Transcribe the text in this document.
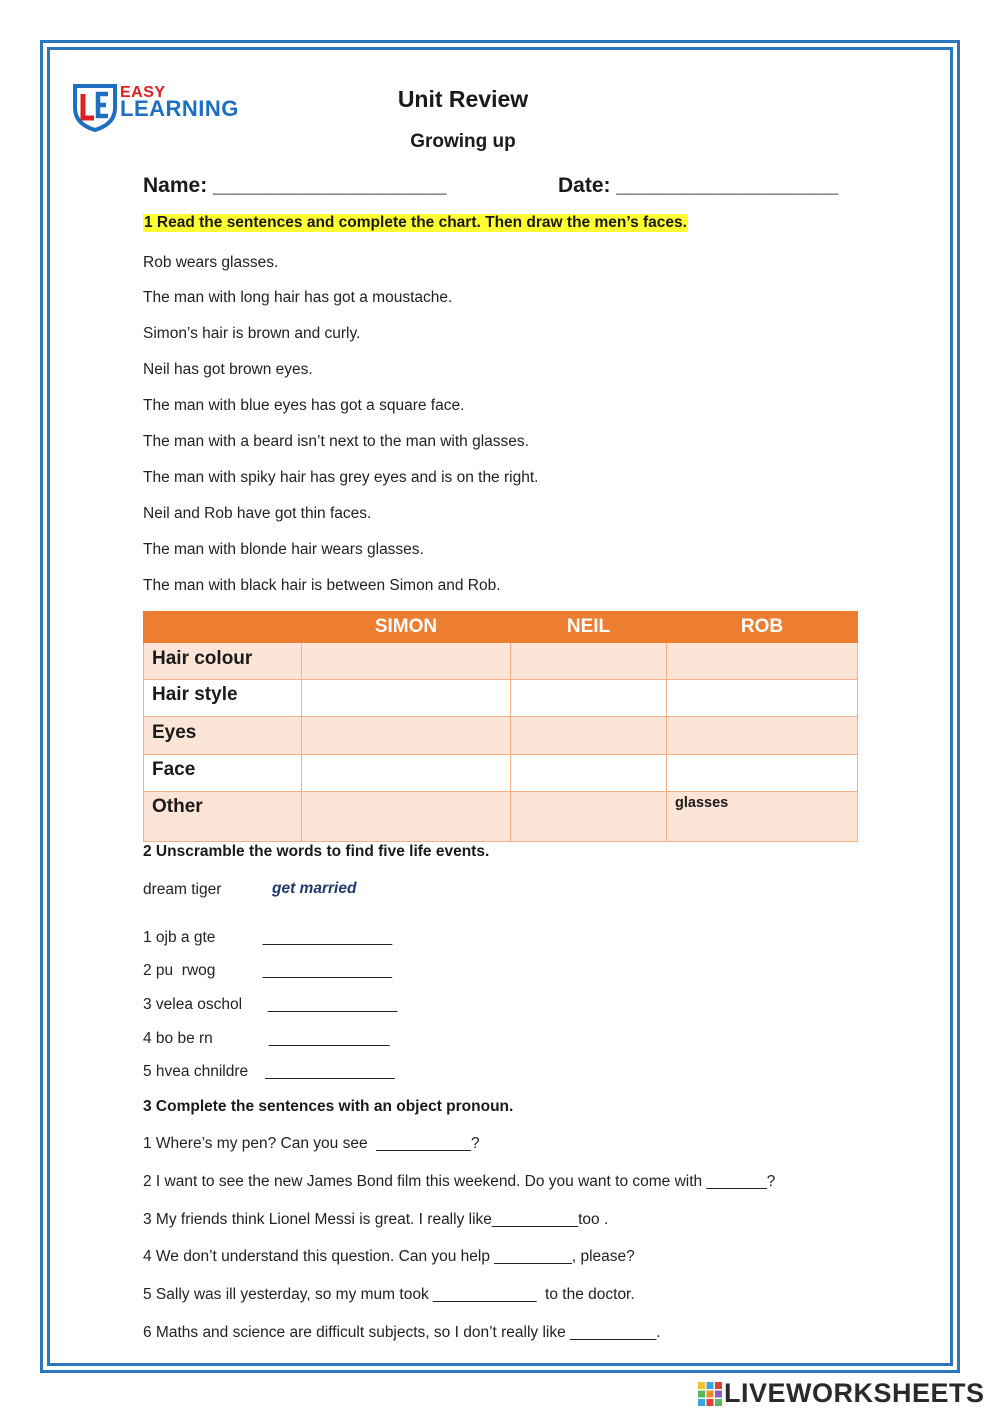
EASY
LEARNING	Unit Review
Growing up
Name: ____________________	Date: ___________________
1 Read the sentences and complete the chart. Then draw the men’s faces.
Rob wears glasses.
The man with long hair has got a moustache.
Simon’s hair is brown and curly.
Neil has got brown eyes.
The man with blue eyes has got a square face.
The man with a beard isn’t next to the man with glasses.
The man with spiky hair has grey eyes and is on the right.
Neil and Rob have got thin faces.
The man with blonde hair wears glasses.
The man with black hair is between Simon and Rob.
	SIMON	NEIL	ROB
Hair colour			
Hair style			
Eyes			
Face			
Other			glasses
2 Unscramble the words to find five life events.
dream tiger	get married
1 ojb a gte           _______________
2 pu  rwog           _______________
3 velea oschol      _______________
4 bo be rn             ______________
5 hvea chnildre    _______________
3 Complete the sentences with an object pronoun.
1 Where’s my pen? Can you see  ___________?
2 I want to see the new James Bond film this weekend. Do you want to come with _______?
3 My friends think Lionel Messi is great. I really like__________too .
4 We don’t understand this question. Can you help _________, please?
5 Sally was ill yesterday, so my mum took ____________  to the doctor.
6 Maths and science are difficult subjects, so I don’t really like __________.
LIVEWORKSHEETS
